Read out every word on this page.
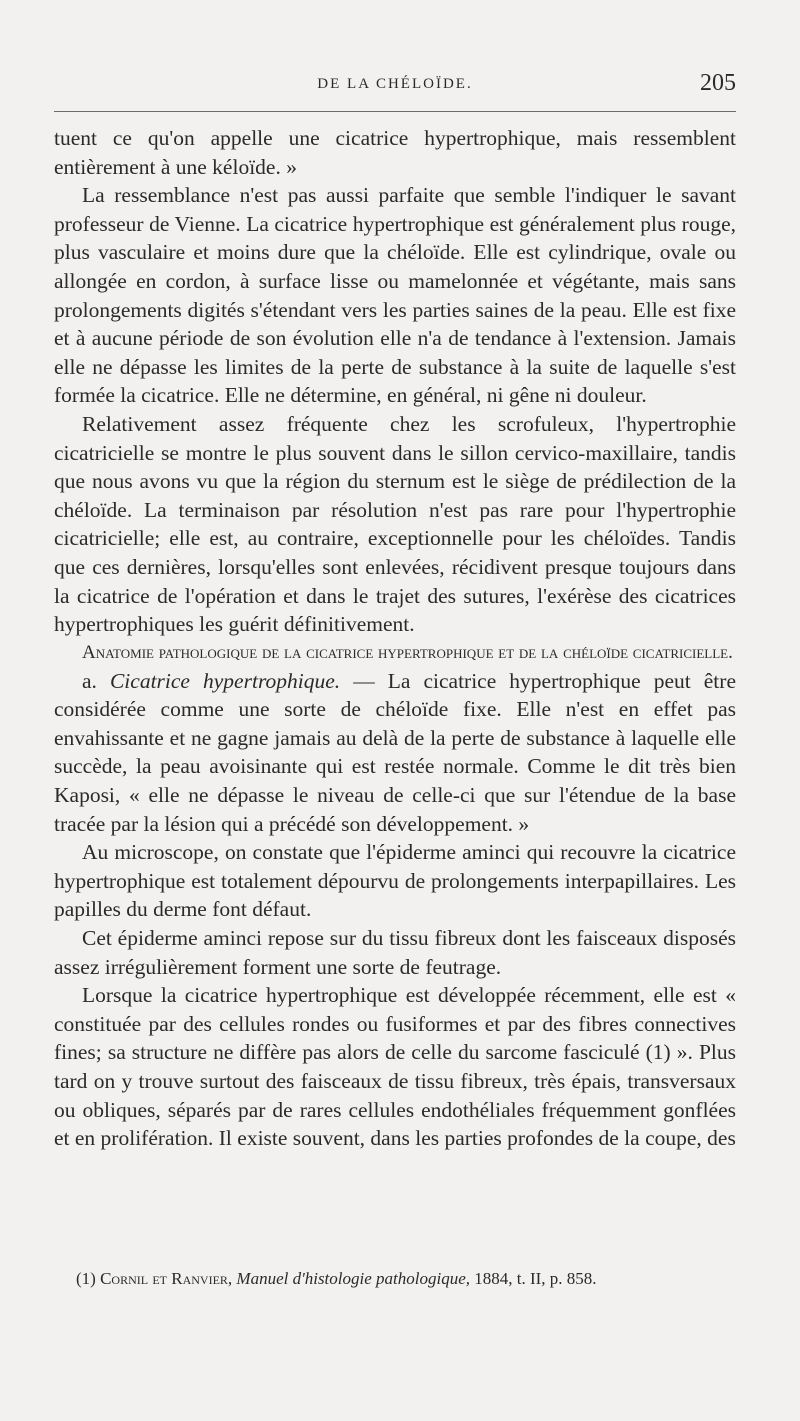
DE LA CHÉLOÏDE.	205

tuent ce qu'on appelle une cicatrice hypertrophique, mais ressemblent entièrement à une kéloïde. »

La ressemblance n'est pas aussi parfaite que semble l'indiquer le savant professeur de Vienne. La cicatrice hypertrophique est généralement plus rouge, plus vasculaire et moins dure que la chéloïde. Elle est cylindrique, ovale ou allongée en cordon, à surface lisse ou mamelonnée et végétante, mais sans prolongements digités s'étendant vers les parties saines de la peau. Elle est fixe et à aucune période de son évolution elle n'a de tendance à l'extension. Jamais elle ne dépasse les limites de la perte de substance à la suite de laquelle s'est formée la cicatrice. Elle ne détermine, en général, ni gêne ni douleur.

Relativement assez fréquente chez les scrofuleux, l'hypertrophie cicatricielle se montre le plus souvent dans le sillon cervico-maxillaire, tandis que nous avons vu que la région du sternum est le siège de prédilection de la chéloïde. La terminaison par résolution n'est pas rare pour l'hypertrophie cicatricielle; elle est, au contraire, exceptionnelle pour les chéloïdes. Tandis que ces dernières, lorsqu'elles sont enlevées, récidivent presque toujours dans la cicatrice de l'opération et dans le trajet des sutures, l'exérèse des cicatrices hypertrophiques les guérit définitivement.

Anatomie pathologique de la cicatrice hypertrophique et de la chéloïde cicatricielle.

a. Cicatrice hypertrophique. — La cicatrice hypertrophique peut être considérée comme une sorte de chéloïde fixe. Elle n'est en effet pas envahissante et ne gagne jamais au delà de la perte de substance à laquelle elle succède, la peau avoisinante qui est restée normale. Comme le dit très bien Kaposi, « elle ne dépasse le niveau de celle-ci que sur l'étendue de la base tracée par la lésion qui a précédé son développement. »

Au microscope, on constate que l'épiderme aminci qui recouvre la cicatrice hypertrophique est totalement dépourvu de prolongements interpapillaires. Les papilles du derme font défaut.

Cet épiderme aminci repose sur du tissu fibreux dont les faisceaux disposés assez irrégulièrement forment une sorte de feutrage.

Lorsque la cicatrice hypertrophique est développée récemment, elle est « constituée par des cellules rondes ou fusiformes et par des fibres connectives fines; sa structure ne diffère pas alors de celle du sarcome fasciculé (1) ». Plus tard on y trouve surtout des faisceaux de tissu fibreux, très épais, transversaux ou obliques, séparés par de rares cellules endothéliales fréquemment gonflées et en prolifération. Il existe souvent, dans les parties profondes de la coupe, des

(1) Cornil et Ranvier, Manuel d'histologie pathologique, 1884, t. II, p. 858.
